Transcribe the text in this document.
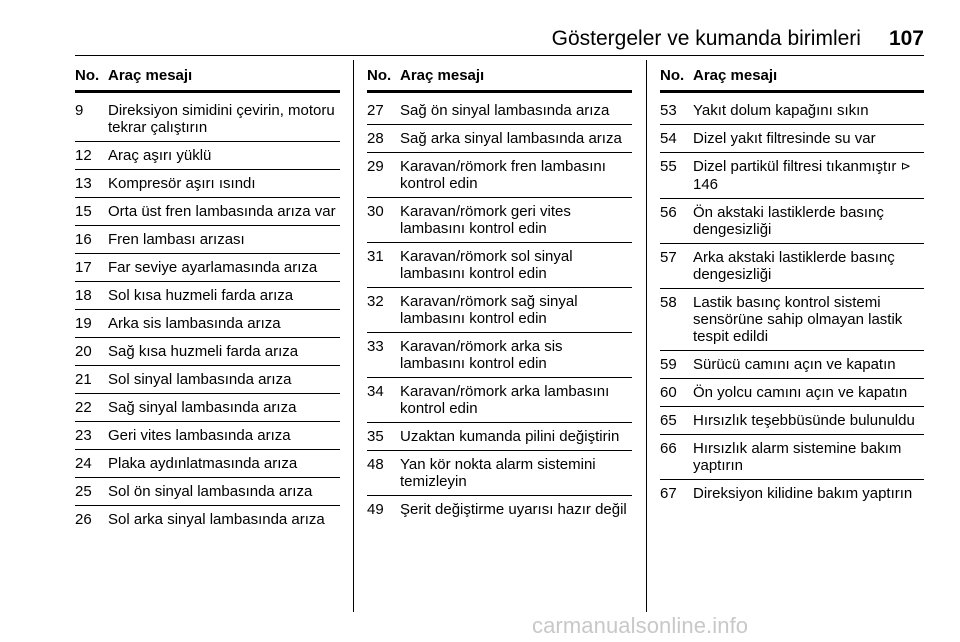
Göstergeler ve kumanda birimleri 107
No. Araç mesajı
9	Direksiyon simidini çevirin, motoru tekrar çalıştırın
12	Araç aşırı yüklü
13	Kompresör aşırı ısındı
15	Orta üst fren lambasında arıza var
16	Fren lambası arızası
17	Far seviye ayarlamasında arıza
18	Sol kısa huzmeli farda arıza
19	Arka sis lambasında arıza
20	Sağ kısa huzmeli farda arıza
21	Sol sinyal lambasında arıza
22	Sağ sinyal lambasında arıza
23	Geri vites lambasında arıza
24	Plaka aydınlatmasında arıza
25	Sol ön sinyal lambasında arıza
26	Sol arka sinyal lambasında arıza
No. Araç mesajı
27	Sağ ön sinyal lambasında arıza
28	Sağ arka sinyal lambasında arıza
29	Karavan/römork fren lambasını kontrol edin
30	Karavan/römork geri vites lambasını kontrol edin
31	Karavan/römork sol sinyal lambasını kontrol edin
32	Karavan/römork sağ sinyal lambasını kontrol edin
33	Karavan/römork arka sis lambasını kontrol edin
34	Karavan/römork arka lambasını kontrol edin
35	Uzaktan kumanda pilini değiştirin
48	Yan kör nokta alarm sistemini temizleyin
49	Şerit değiştirme uyarısı hazır değil
No. Araç mesajı
53	Yakıt dolum kapağını sıkın
54	Dizel yakıt filtresinde su var
55	Dizel partikül filtresi tıkanmıştır ⊳146
56	Ön akstaki lastiklerde basınç dengesizliği
57	Arka akstaki lastiklerde basınç dengesizliği
58	Lastik basınç kontrol sistemi sensörüne sahip olmayan lastik tespit edildi
59	Sürücü camını açın ve kapatın
60	Ön yolcu camını açın ve kapatın
65	Hırsızlık teşebbüsünde bulunuldu
66	Hırsızlık alarm sistemine bakım yaptırın
67	Direksiyon kilidine bakım yaptırın
carmanualsonline.info
